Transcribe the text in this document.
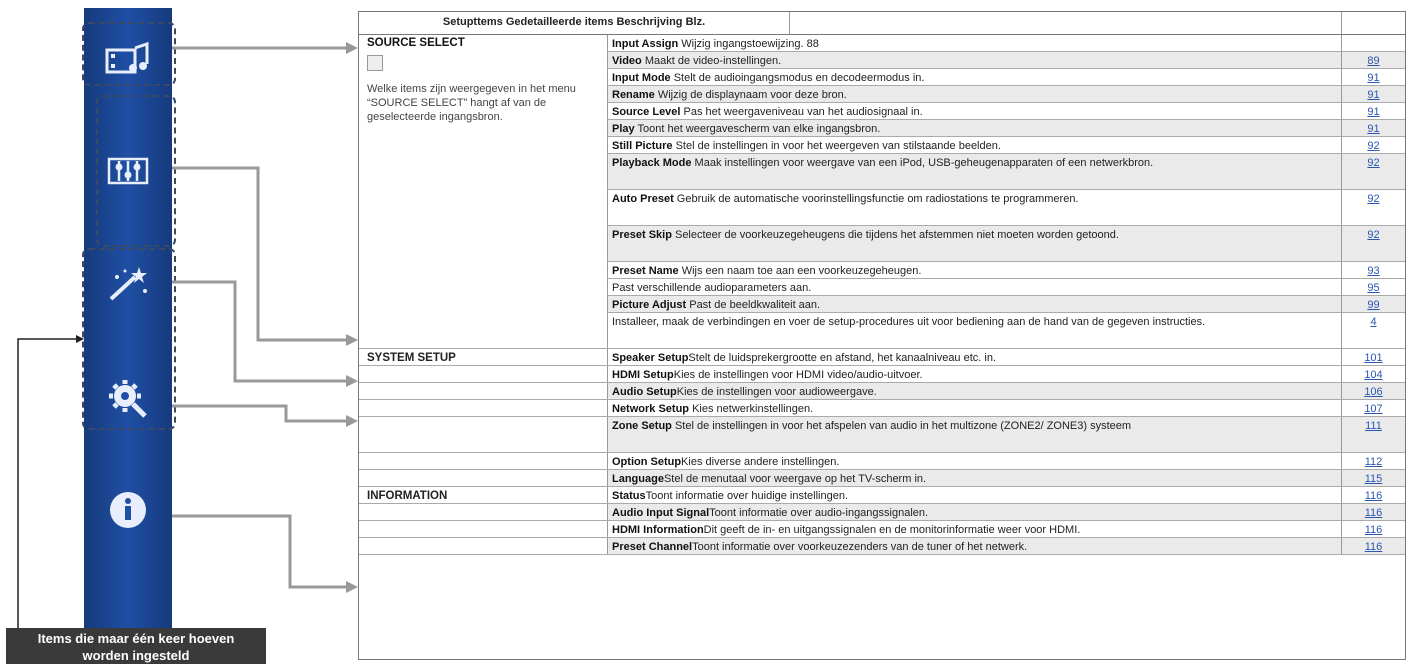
Items die maar één keer hoeven
worden ingesteld
Setupttems Gedetailleerde items Beschrijving Blz.
Input Assign Wijzig ingangstoewijzing. 88
Video Maakt de video-instellingen.	89
Input Mode Stelt de audioingangsmodus en decodeermodus in.	91
Rename Wijzig de displaynaam voor deze bron.	91
Source Level Pas het weergaveniveau van het audiosignaal in.	91
Play Toont het weergavescherm van elke ingangsbron.	91
Still Picture Stel de instellingen in voor het weergeven van stilstaande beelden.	92
Playback Mode Maak instellingen voor weergave van een iPod, USB-geheugenapparaten of een netwerkbron.	92
Auto Preset Gebruik de automatische voorinstellingsfunctie om radiostations te programmeren.	92
Preset Skip Selecteer de voorkeuzegeheugens die tijdens het afstemmen niet moeten worden getoond.	92
Preset Name Wijs een naam toe aan een voorkeuzegeheugen.	93
Past verschillende audioparameters aan.	95
Picture Adjust Past de beeldkwaliteit aan.	99
Installeer, maak de verbindingen en voer de setup-procedures uit voor bediening aan de hand van de gegeven instructies.	4
SYSTEM SETUP	Speaker SetupStelt de luidsprekergrootte en afstand, het kanaalniveau etc. in.	101
HDMI SetupKies de instellingen voor HDMI video/audio-uitvoer.	104
Audio SetupKies de instellingen voor audioweergave.	106
Network Setup Kies netwerkinstellingen.	107
Zone Setup Stel de instellingen in voor het afspelen van audio in het multizone (ZONE2/ ZONE3) systeem	111
Option SetupKies diverse andere instellingen.	112
LanguageStel de menutaal voor weergave op het TV-scherm in.	115
INFORMATION	StatusToont informatie over huidige instellingen.	116
Audio Input SignalToont informatie over audio-ingangssignalen.	116
HDMI InformationDit geeft de in- en uitgangssignalen en de monitorinformatie weer voor HDMI.	116
Preset ChannelToont informatie over voorkeuzezenders van de tuner of het netwerk.	116
SOURCE SELECT
Welke items zijn weergegeven in het menu “SOURCE SELECT” hangt af van de geselecteerde ingangsbron.
